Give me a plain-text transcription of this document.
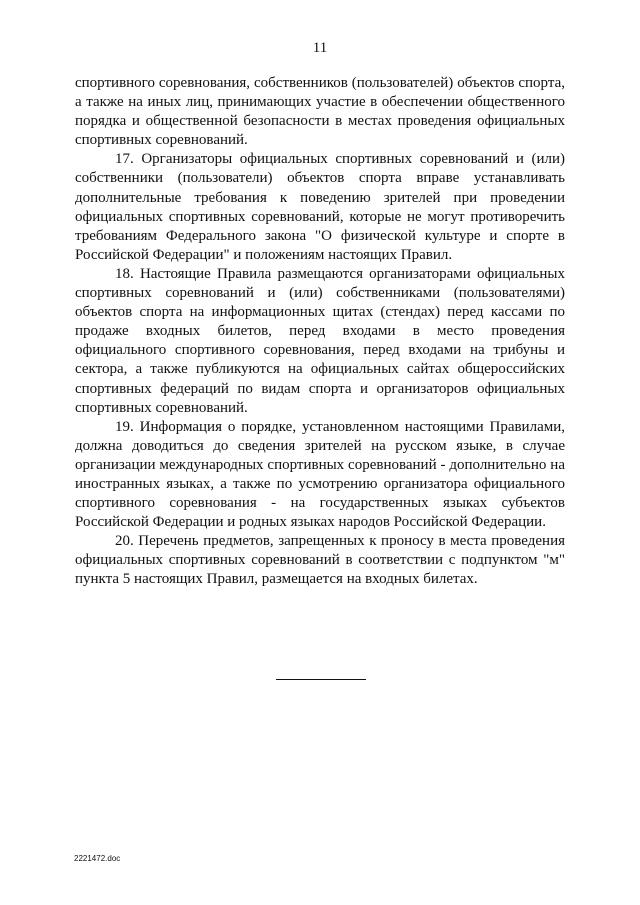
11

спортивного соревнования, собственников (пользователей) объектов спорта, а также на иных лиц, принимающих участие в обеспечении общественного порядка и общественной безопасности в местах проведения официальных спортивных соревнований.

17. Организаторы официальных спортивных соревнований и (или) собственники (пользователи) объектов спорта вправе устанавливать дополнительные требования к поведению зрителей при проведении официальных спортивных соревнований, которые не могут противоречить требованиям Федерального закона "О физической культуре и спорте в Российской Федерации" и положениям настоящих Правил.

18. Настоящие Правила размещаются организаторами официальных спортивных соревнований и (или) собственниками (пользователями) объектов спорта на информационных щитах (стендах) перед кассами по продаже входных билетов, перед входами в место проведения официального спортивного соревнования, перед входами на трибуны и сектора, а также публикуются на официальных сайтах общероссийских спортивных федераций по видам спорта и организаторов официальных спортивных соревнований.

19. Информация о порядке, установленном настоящими Правилами, должна доводиться до сведения зрителей на русском языке, в случае организации международных спортивных соревнований - дополнительно на иностранных языках, а также по усмотрению организатора официального спортивного соревнования - на государственных языках субъектов Российской Федерации и родных языках народов Российской Федерации.

20. Перечень предметов, запрещенных к проносу в места проведения официальных спортивных соревнований в соответствии с подпунктом "м" пункта 5 настоящих Правил, размещается на входных билетах.

2221472.doc
